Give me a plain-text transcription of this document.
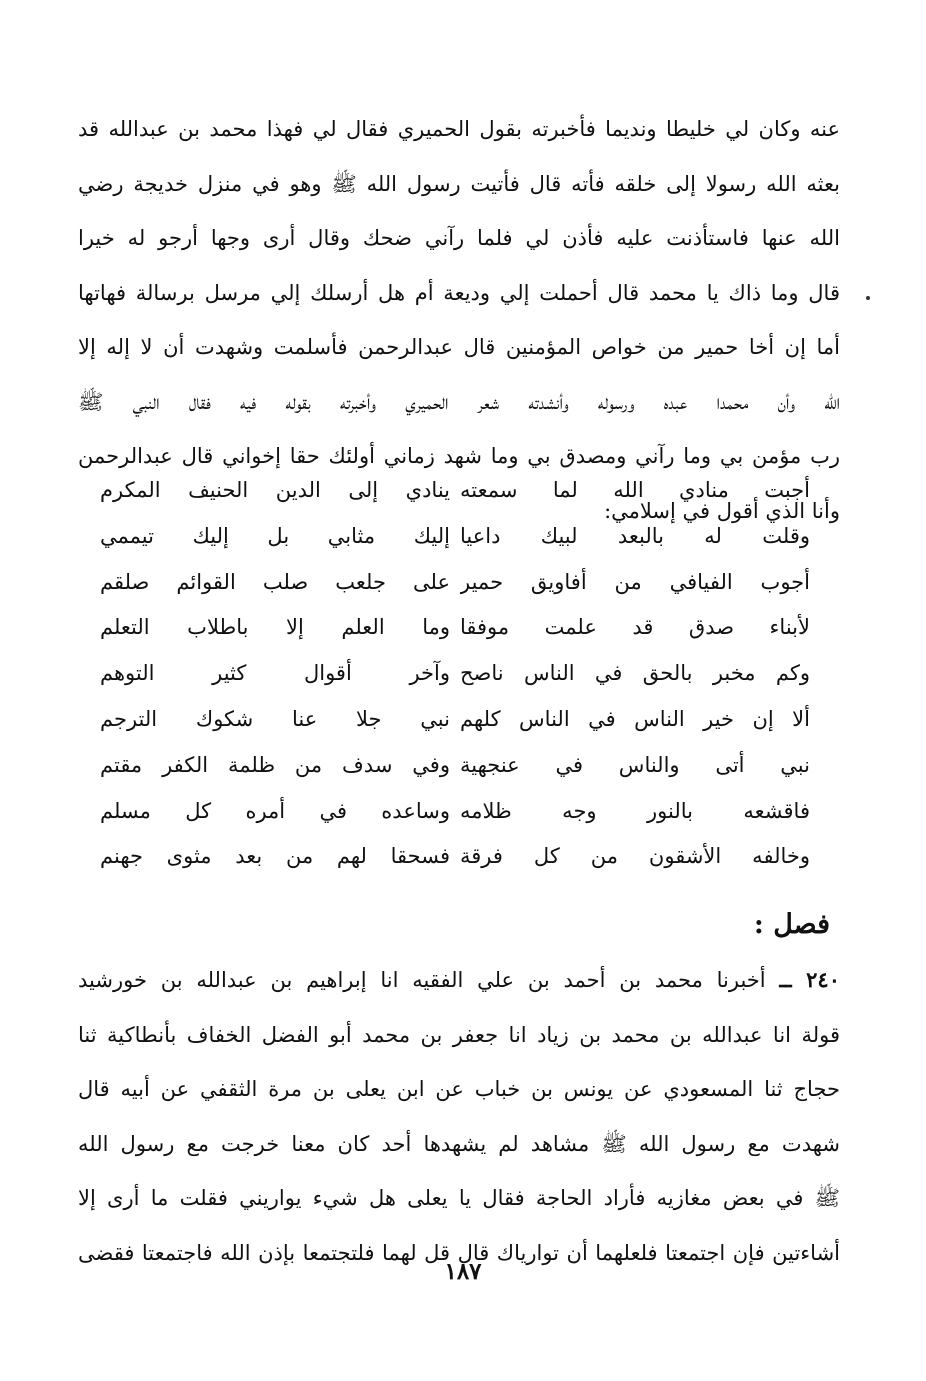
عنه وكان لي خليطا ونديما فأخبرته بقول الحميري فقال لي فهذا محمد بن عبدالله قد
بعثه الله رسولا إلى خلقه فأته قال فأتيت رسول الله ﷺ وهو في منزل خديجة رضي
الله عنها فاستأذنت عليه فأذن لي فلما رآني ضحك وقال أرى وجها أرجو له خيرا
قال وما ذاك يا محمد قال أحملت إلي وديعة أم هل أرسلك إلي مرسل برسالة فهاتها
أما إن أخا حمير من خواص المؤمنين قال عبدالرحمن فأسلمت وشهدت أن لا إله إلا
الله وأن محمدا عبده ورسوله وأنشدته شعر الحميري وأخبرته بقوله فيه فقال النبي ﷺ
رب مؤمن بي وما رآني ومصدق بي وما شهد زماني أولئك حقا إخواني قال عبدالرحمن
وأنا الذي أقول في إسلامي:
أجبت منادي الله لما سمعته
ينادي إلى الدين الحنيف المكرم
وقلت له بالبعد لبيك داعيا
إليك مثابي بل إليك تيممي
أجوب الفيافي من أفاويق حمير
على جلعب صلب القوائم صلقم
لأبناء صدق قد علمت موفقا
وما العلم إلا باطلاب التعلم
وكم مخبر بالحق في الناس ناصح
وآخر أقوال كثير التوهم
ألا إن خير الناس في الناس كلهم
نبي جلا عنا شكوك الترجم
نبي أتى والناس في عنجهية
وفي سدف من ظلمة الكفر مقتم
فاقشعه بالنور وجه ظلامه
وساعده في أمره كل مسلم
وخالفه الأشقون من كل فرقة
فسحقا لهم من بعد مثوى جهنم
فصل :
٢٤٠ ــ أخبرنا محمد بن أحمد بن علي الفقيه انا إبراهيم بن عبدالله بن خورشيد
قولة انا عبدالله بن محمد بن زياد انا جعفر بن محمد أبو الفضل الخفاف بأنطاكية ثنا
حجاج ثنا المسعودي عن يونس بن خباب عن ابن يعلى بن مرة الثقفي عن أبيه قال
شهدت مع رسول الله ﷺ مشاهد لم يشهدها أحد كان معنا خرجت مع رسول الله
ﷺ في بعض مغازيه فأراد الحاجة فقال يا يعلى هل شيء يواريني فقلت ما أرى إلا
أشاءتين فإن اجتمعتا فلعلهما أن توارياك قال قل لهما فلتجتمعا بإذن الله فاجتمعتا فقضى
١٨٧
